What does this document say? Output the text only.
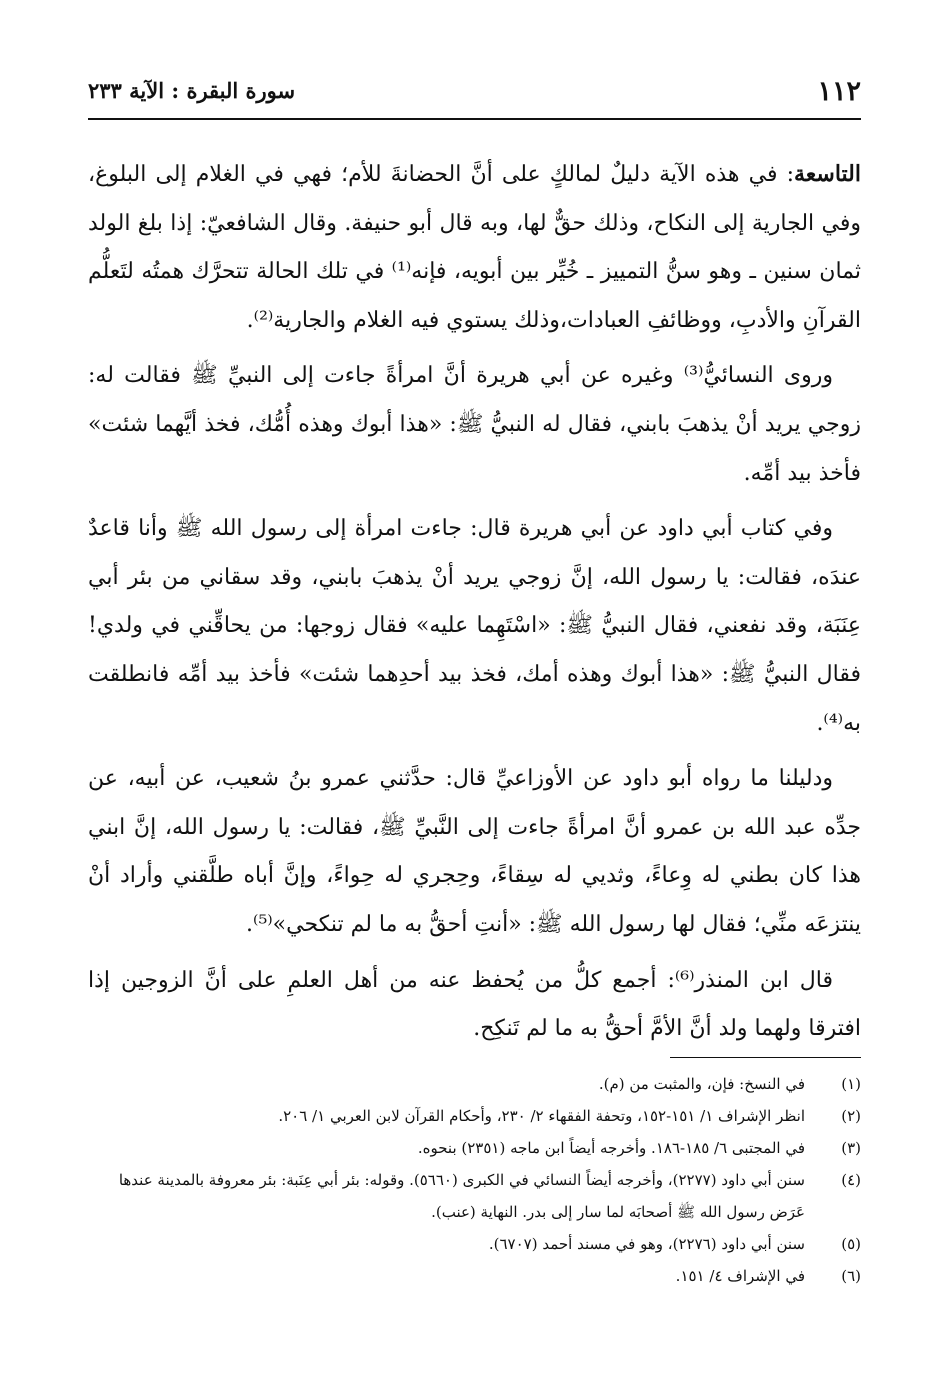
١١٢
سورة البقرة : الآية ٢٣٣

التاسعة: في هذه الآية دليلٌ لمالكٍ على أنَّ الحضانةَ للأم؛ فهي في الغلام إلى البلوغ، وفي الجارية إلى النكاح، وذلك حقٌّ لها، وبه قال أبو حنيفة. وقال الشافعيّ: إذا بلغ الولد ثمان سنين ـ وهو سنُّ التمييز ـ خُيِّر بين أبويه، فإنه⁽¹⁾ في تلك الحالة تتحرَّك همتُه لتَعلُّم القرآنِ والأدبِ، ووظائفِ العبادات،وذلك يستوي فيه الغلام والجارية⁽²⁾.

وروى النسائيُّ⁽³⁾ وغيره عن أبي هريرة أنَّ امرأةً جاءت إلى النبيِّ ﷺ فقالت له: زوجي يريد أنْ يذهبَ بابني، فقال له النبيُّ ﷺ: «هذا أبوك وهذه أُمُّك، فخذ أيَّهما شئت» فأخذ بيد أمِّه.

وفي كتاب أبي داود عن أبي هريرة قال: جاءت امرأة إلى رسول الله ﷺ وأنا قاعدٌ عندَه، فقالت: يا رسول الله، إنَّ زوجي يريد أنْ يذهبَ بابني، وقد سقاني من بئر أبي عِنَبَة، وقد نفعني، فقال النبيُّ ﷺ: «اسْتَهِما عليه» فقال زوجها: من يحاقِّني في ولدي! فقال النبيُّ ﷺ: «هذا أبوك وهذه أمك، فخذ بيد أحدِهما شئت» فأخذ بيد أمِّه فانطلقت به⁽⁴⁾.

ودليلنا ما رواه أبو داود عن الأوزاعيِّ قال: حدَّثني عمرو بنُ شعيب، عن أبيه، عن جدِّه عبد الله بن عمرو أنَّ امرأةً جاءت إلى النَّبيِّ ﷺ، فقالت: يا رسول الله، إنَّ ابني هذا كان بطني له وِعاءً، وثديي له سِقاءً، وحِجري له حِواءً، وإنَّ أباه طلَّقني وأراد أنْ ينتزعَه منِّي؛ فقال لها رسول الله ﷺ: «أنتِ أحقُّ به ما لم تنكحي»⁽⁵⁾.

قال ابن المنذر⁽⁶⁾: أجمع كلُّ من يُحفظ عنه من أهل العلمِ على أنَّ الزوجين إذا افترقا ولهما ولد أنَّ الأمَّ أحقُّ به ما لم تَنكِح.

(١)
في النسخ: فإن، والمثبت من (م).
(٢)
انظر الإشراف ١/ ١٥١-١٥٢، وتحفة الفقهاء ٢/ ٢٣٠، وأحكام القرآن لابن العربي ١/ ٢٠٦.
(٣)
في المجتبى ٦/ ١٨٥-١٨٦. وأخرجه أيضاً ابن ماجه (٢٣٥١) بنحوه.
(٤)
سنن أبي داود (٢٢٧٧)، وأخرجه أيضاً النسائي في الكبرى (٥٦٦٠). وقوله: بئر أبي عِنَبة: بئر معروفة بالمدينة عندها عَرَض رسول الله ﷺ أصحابَه لما سار إلى بدر. النهاية (عنب).
(٥)
سنن أبي داود (٢٢٧٦)، وهو في مسند أحمد (٦٧٠٧).
(٦)
في الإشراف ٤/ ١٥١.
